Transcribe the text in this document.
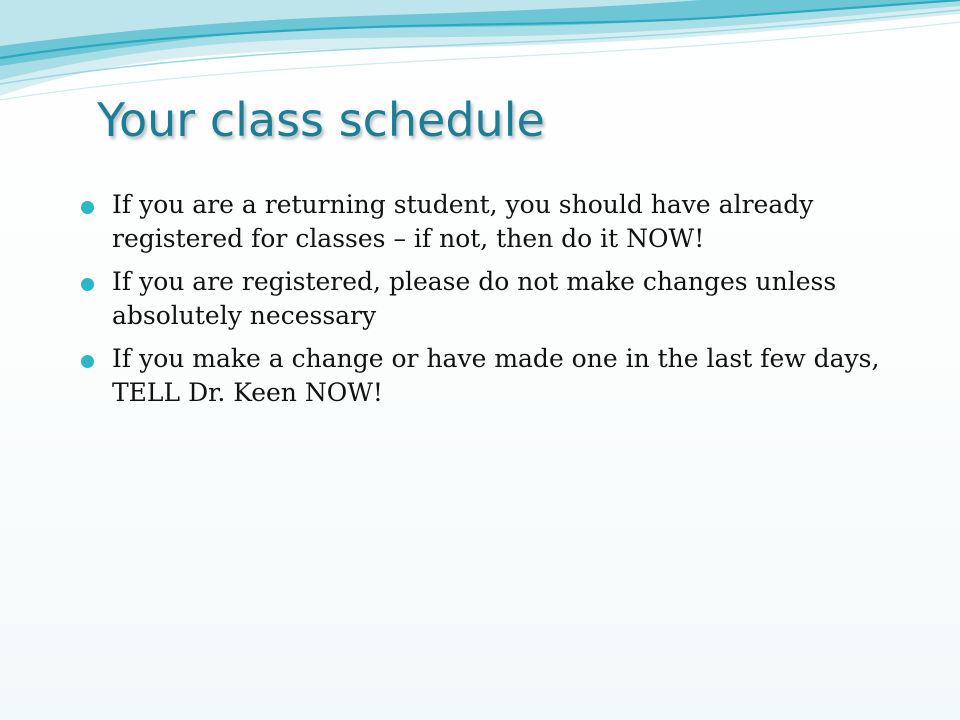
Your class schedule
If you are a returning student, you should have already registered for classes – if not, then do it NOW!
If you are registered, please do not make changes unless absolutely necessary
If you make a change or have made one in the last few days, TELL Dr. Keen NOW!
